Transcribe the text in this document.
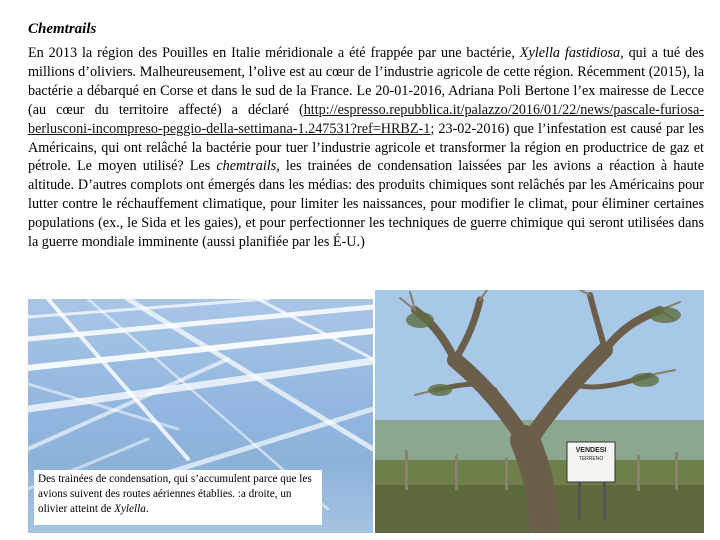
Chemtrails
En 2013 la région des Pouilles en Italie méridionale a été frappée par une bactérie, Xylella fastidiosa, qui a tué des millions d’oliviers. Malheureusement, l’olive est au cœur de l’industrie agricole de cette région. Récemment (2015), la bactérie a débarqué en Corse et dans le sud de la France. Le 20-01-2016, Adriana Poli Bertone l’ex mairesse de Lecce (au cœur du territoire affecté) a déclaré (http://espresso.repubblica.it/palazzo/2016/01/22/news/pascale-furiosa-berlusconi-incompreso-peggio-della-settimana-1.247531?ref=HRBZ-1; 23-02-2016) que l’infestation est causé par les Américains, qui ont relâché la bactérie pour tuer l’industrie agricole et transformer la région en productrice de gaz et pétrole. Le moyen utilisé? Les chemtrails, les trainées de condensation laissées par les avions a réaction à haute altitude. D’autres complots ont émergés dans les médias: des produits chimiques sont relâchés par les Américains pour lutter contre le réchauffement climatique, pour limiter les naissances, pour modifier le climat, pour éliminer certaines populations (ex., le Sida et les gaies), et pour perfectionner les techniques de guerre chimique qui seront utilisées dans la guerre mondiale imminente (aussi planifiée par les É-U.)
Des trainées de condensation, qui s’accumulent parce que les avions suivent des routes aériennes établies. :a droite, un olivier atteint de Xylella.
VENDESI
TERRENO
